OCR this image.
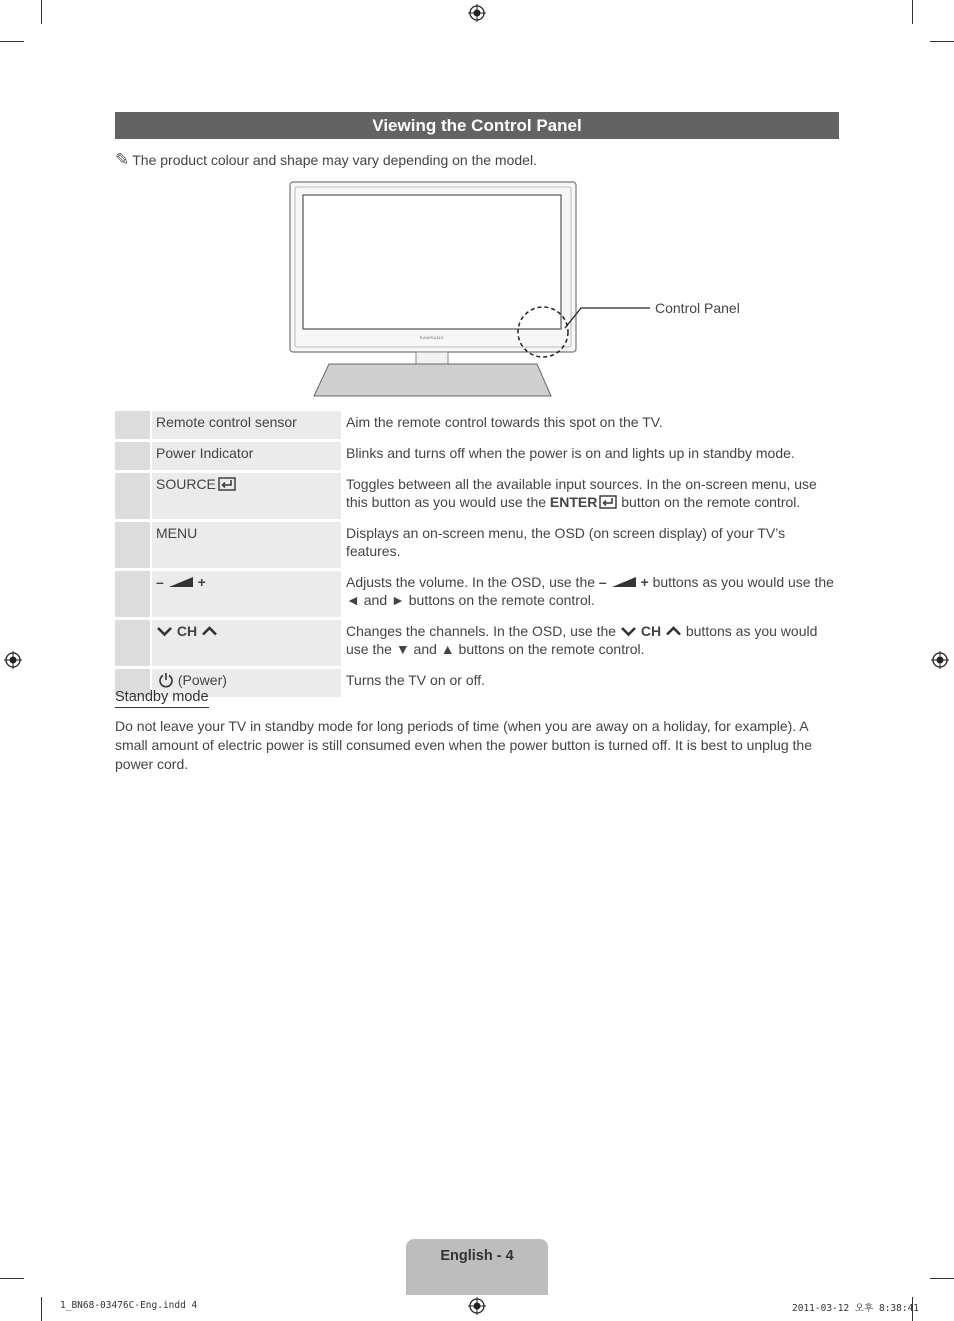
Viewing the Control Panel
✎ The product colour and shape may vary depending on the model.
SAMSUNG
Control Panel
	Remote control sensor	Aim the remote control towards this spot on the TV.
	Power Indicator	Blinks and turns off when the power is on and lights up in standby mode.
	SOURCE	Toggles between all the available input sources. In the on-screen menu, use this button as you would use the ENTER button on the remote control.
	MENU	Displays an on-screen menu, the OSD (on screen display) of your TV’s features.
	– +	Adjusts the volume. In the OSD, use the – + buttons as you would use the ◄ and ► buttons on the remote control.
	CH	Changes the channels. In the OSD, use the  CH  buttons as you would use the ▼ and ▲ buttons on the remote control.
	(Power)	Turns the TV on or off.
Standby mode
Do not leave your TV in standby mode for long periods of time (when you are away on a holiday, for example). A small amount of electric power is still consumed even when the power button is turned off. It is best to unplug the power cord.
English - 4
1_BN68-03476C-Eng.indd 4	2011-03-12 오후 8:38:41
